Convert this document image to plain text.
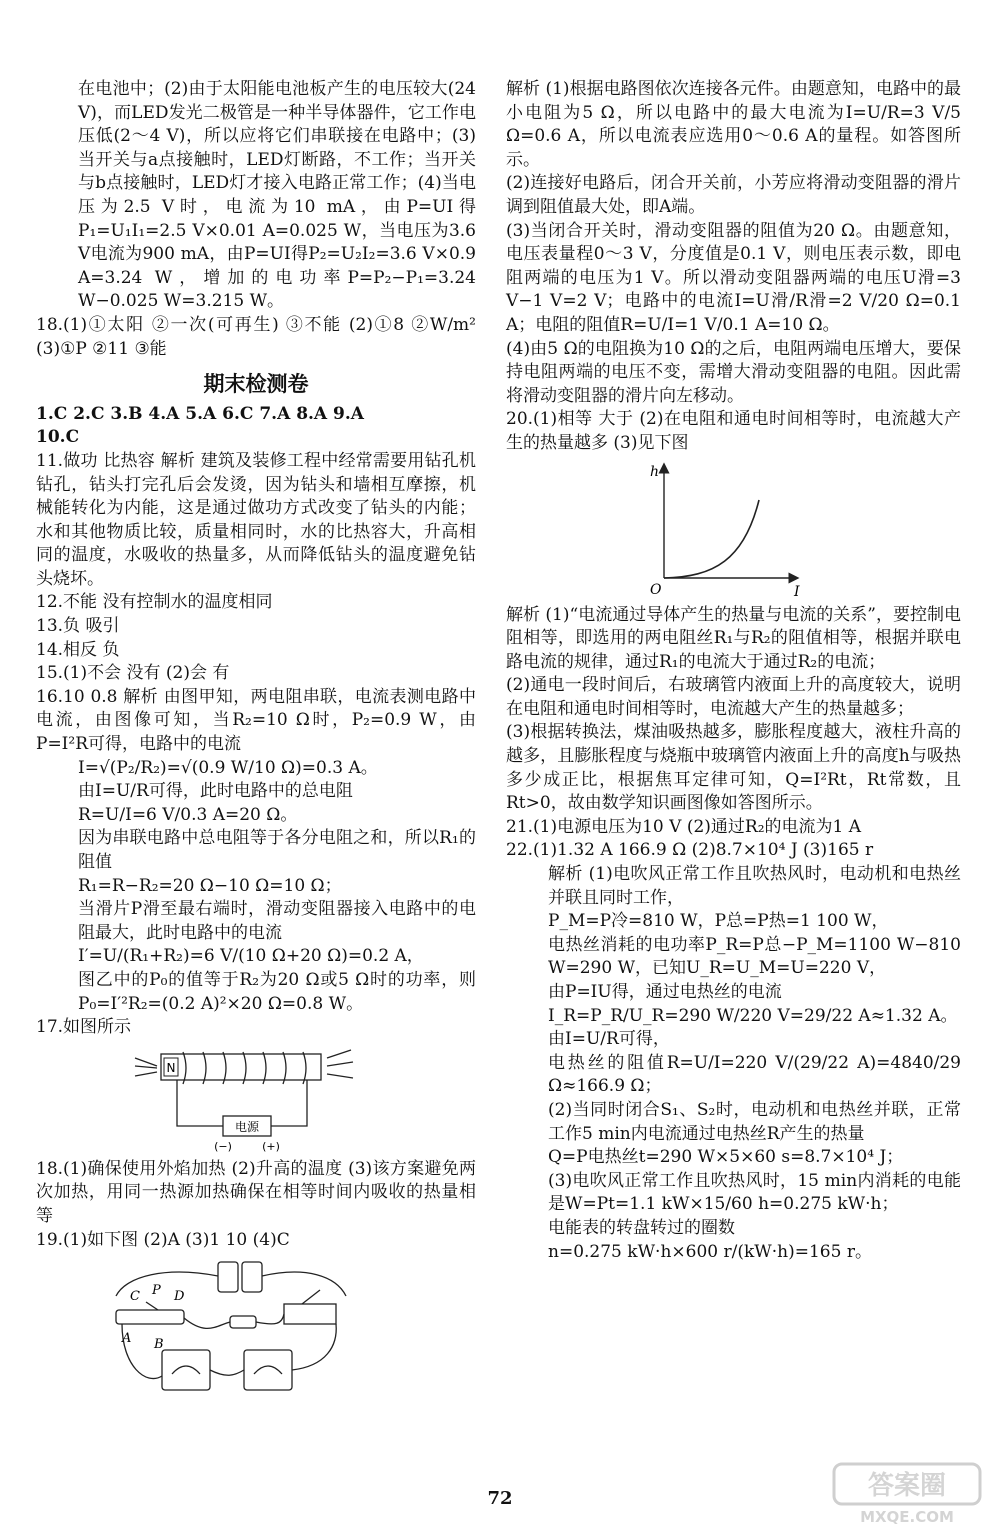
在电池中；(2)由于太阳能电池板产生的电压较大(24 V)，而LED发光二极管是一种半导体器件，它工作电压低(2～4 V)，所以应将它们串联接在电路中；(3)当开关与a点接触时，LED灯断路，不工作；当开关与b点接触时，LED灯才接入电路正常工作；(4)当电压为2.5 V时，电流为10 mA，由P=UI得P₁=U₁I₁=2.5 V×0.01 A=0.025 W，当电压为3.6 V电流为900 mA，由P=UI得P₂=U₂I₂=3.6 V×0.9 A=3.24 W，增加的电功率P=P₂−P₁=3.24 W−0.025 W=3.215 W。

18.(1)①太阳 ②一次(可再生) ③不能 (2)①8 ②W/m² (3)①P ②11 ③能

期末检测卷

1.C 2.C 3.B 4.A 5.A 6.C 7.A 8.A 9.A

10.C

11.做功 比热容 解析 建筑及装修工程中经常需要用钻孔机钻孔，钻头打完孔后会发烫，因为钻头和墙相互摩擦，机械能转化为内能，这是通过做功方式改变了钻头的内能；水和其他物质比较，质量相同时，水的比热容大，升高相同的温度，水吸收的热量多，从而降低钻头的温度避免钻头烧坏。

12.不能 没有控制水的温度相同

13.负 吸引

14.相反 负

15.(1)不会 没有 (2)会 有

16.10 0.8 解析 由图甲知，两电阻串联，电流表测电路中电流，由图像可知，当R₂=10 Ω时，P₂=0.9 W，由P=I²R可得，电路中的电流

I=√(P₂/R₂)=√(0.9 W/10 Ω)=0.3 A。

由I=U/R可得，此时电路中的总电阻

R=U/I=6 V/0.3 A=20 Ω。

因为串联电路中总电阻等于各分电阻之和，所以R₁的阻值

R₁=R−R₂=20 Ω−10 Ω=10 Ω；

当滑片P滑至最右端时，滑动变阻器接入电路中的电阻最大，此时电路中的电流

I′=U/(R₁+R₂)=6 V/(10 Ω+20 Ω)=0.2 A，

图乙中的P₀的值等于R₂为20 Ω或5 Ω时的功率，则P₀=I′²R₂=(0.2 A)²×20 Ω=0.8 W。

17.如图所示

N
电源
(−)	(+)

18.(1)确保使用外焰加热 (2)升高的温度 (3)该方案避免两次加热，用同一热源加热确保在相等时间内吸收的热量相等

19.(1)如下图 (2)A (3)1 10 (4)C

C P D
A B

解析 (1)根据电路图依次连接各元件。由题意知，电路中的最小电阻为5 Ω，所以电路中的最大电流为I=U/R=3 V/5 Ω=0.6 A，所以电流表应选用0～0.6 A的量程。如答图所示。

(2)连接好电路后，闭合开关前，小芳应将滑动变阻器的滑片调到阻值最大处，即A端。

(3)当闭合开关时，滑动变阻器的阻值为20 Ω。由题意知，电压表量程0～3 V，分度值是0.1 V，则电压表示数，即电阻两端的电压为1 V。所以滑动变阻器两端的电压U滑=3 V−1 V=2 V；电路中的电流I=U滑/R滑=2 V/20 Ω=0.1 A；电阻的阻值R=U/I=1 V/0.1 A=10 Ω。

(4)由5 Ω的电阻换为10 Ω的之后，电阻两端电压增大，要保持电阻两端的电压不变，需增大滑动变阻器的电阻。因此需将滑动变阻器的滑片向左移动。

20.(1)相等 大于 (2)在电阻和通电时间相等时，电流越大产生的热量越多 (3)见下图

h
I
O

解析 (1)“电流通过导体产生的热量与电流的关系”，要控制电阻相等，即选用的两电阻丝R₁与R₂的阻值相等，根据并联电路电流的规律，通过R₁的电流大于通过R₂的电流；

(2)通电一段时间后，右玻璃管内液面上升的高度较大，说明在电阻和通电时间相等时，电流越大产生的热量越多；

(3)根据转换法，煤油吸热越多，膨胀程度越大，液柱升高的越多，且膨胀程度与烧瓶中玻璃管内液面上升的高度h与吸热多少成正比，根据焦耳定律可知，Q=I²Rt，Rt常数，且Rt>0，故由数学知识画图像如答图所示。

21.(1)电源电压为10 V (2)通过R₂的电流为1 A

22.(1)1.32 A 166.9 Ω (2)8.7×10⁴ J (3)165 r

解析 (1)电吹风正常工作且吹热风时，电动机和电热丝并联且同时工作，

P_M=P冷=810 W，P总=P热=1 100 W，

电热丝消耗的电功率P_R=P总−P_M=1100 W−810 W=290 W，已知U_R=U_M=U=220 V，

由P=IU得，通过电热丝的电流

I_R=P_R/U_R=290 W/220 V=29/22 A≈1.32 A。

由I=U/R可得，

电热丝的阻值R=U/I=220 V/(29/22 A)=4840/29 Ω≈166.9 Ω；

(2)当同时闭合S₁、S₂时，电动机和电热丝并联，正常工作5 min内电流通过电热丝R产生的热量

Q=P电热丝t=290 W×5×60 s=8.7×10⁴ J；

(3)电吹风正常工作且吹热风时，15 min内消耗的电能是W=Pt=1.1 kW×15/60 h=0.275 kW·h；

电能表的转盘转过的圈数

n=0.275 kW·h×600 r/(kW·h)=165 r。

72	答案圈
MXQE.COM
